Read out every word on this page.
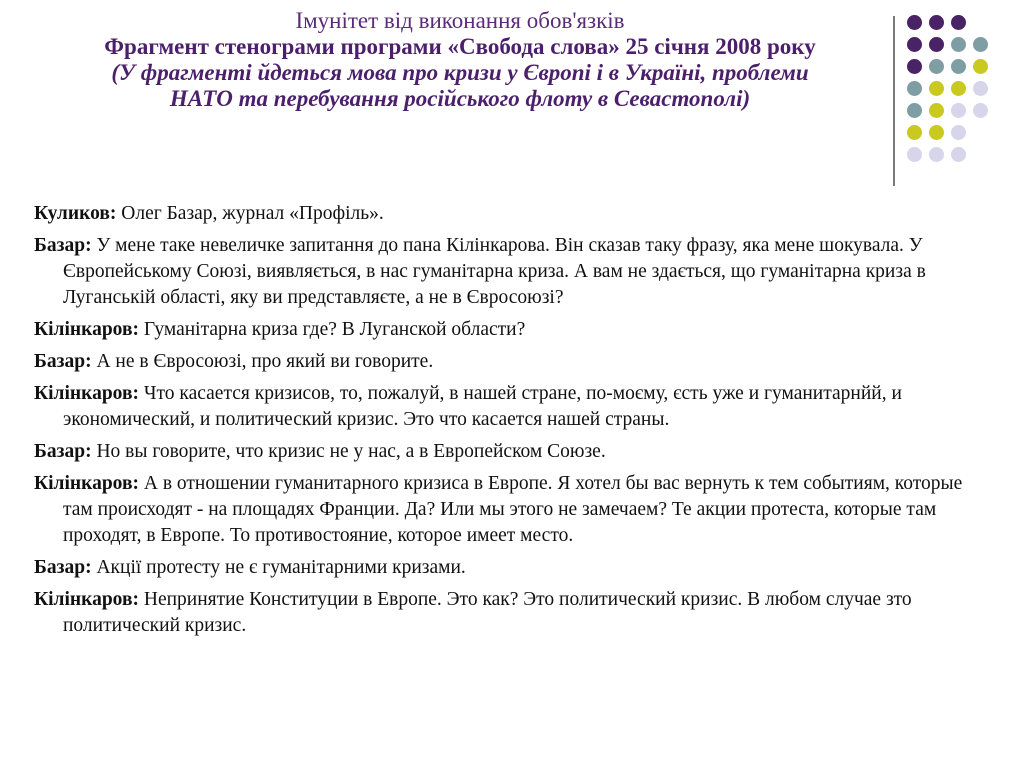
Імунітет від виконання обов'язків
Фрагмент стенограми програми «Свобода слова» 25 січня 2008 року
(У фрагменті йдеться мова про кризи у Європі і в Україні, проблеми
НАТО та перебування російського флоту в Севастополі)

Куликов: Олег Базар, журнал «Профіль».

Базар: У мене таке невеличке запитання до пана Кілінкарова. Він сказав таку фразу, яка мене шокувала. У Європейському Союзі, виявляється, в нас гуманітарна криза. А вам не здається, що гуманітарна криза в Луганській області, яку ви представляєте, а не в Євросоюзі?

Кілінкаров: Гуманітарна криза где? В Луганской области?

Базар: А не в Євросоюзі, про який ви говорите.

Кілінкаров: Что касается кризисов, то, пожалуй, в нашей стране, по-моєму, єсть уже и гуманитарнйй, и экономический, и политический кризис. Это что касается нашей страны.

Базар: Но вы говорите, что кризис не у нас, а в Европейском Союзе.

Кілінкаров: А в отношении гуманитарного кризиса в Европе. Я хотел бы вас вернуть к тем событиям, которые там происходят - на площадях Франции. Да? Или мы этого не замечаем? Те акции протеста, которые там проходят, в Европе. То противостояние, которое имеет место.

Базар: Акції протесту не є гуманітарними кризами.

Кілінкаров: Непринятие Конституции в Европе. Это как? Это политический кризис. В любом случае зто политический кризис.
